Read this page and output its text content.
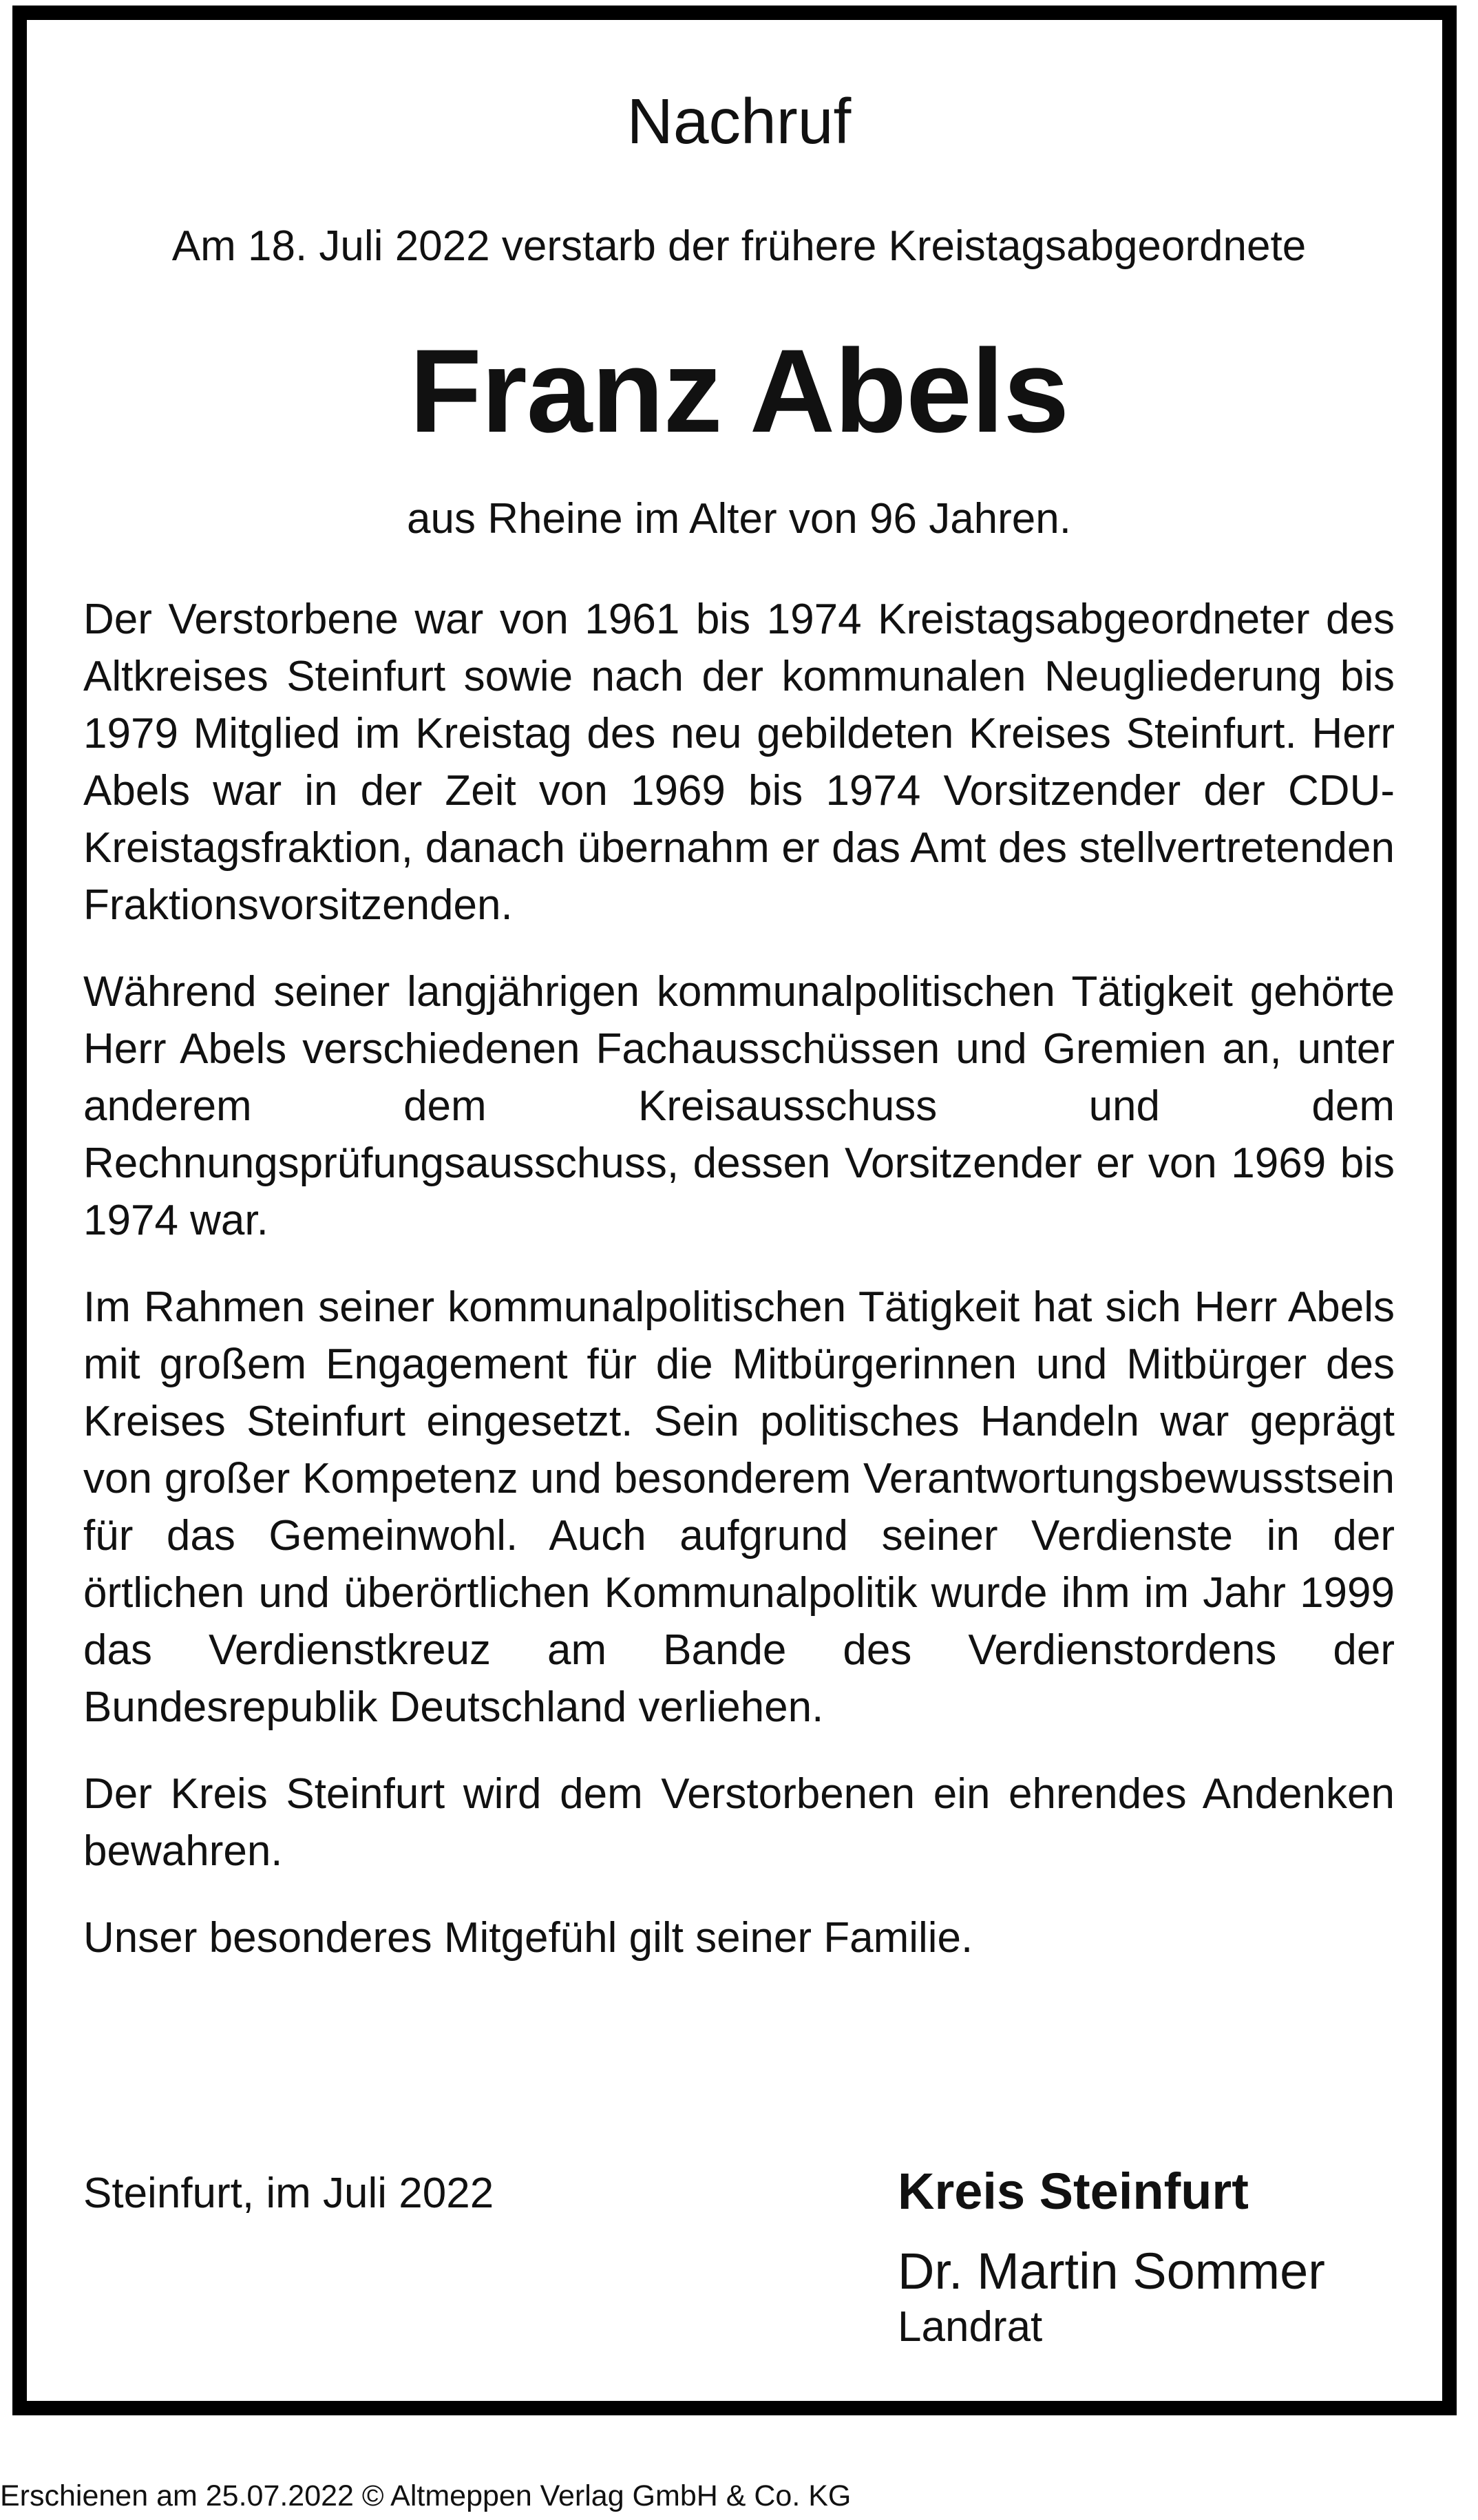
Nachruf
Am 18. Juli 2022 verstarb der frühere Kreistagsabgeordnete
Franz Abels
aus Rheine im Alter von 96 Jahren.

Der Verstorbene war von 1961 bis 1974 Kreistagsabgeordneter des Altkreises Steinfurt sowie nach der kommunalen Neugliederung bis 1979 Mitglied im Kreistag des neu gebildeten Kreises Steinfurt. Herr Abels war in der Zeit von 1969 bis 1974 Vorsitzender der CDU-Kreistagsfraktion, danach übernahm er das Amt des stellvertretenden Fraktionsvorsitzenden.

Während seiner langjährigen kommunalpolitischen Tätigkeit gehörte Herr Abels verschiedenen Fachausschüssen und Gremien an, unter anderem dem Kreisausschuss und dem Rechnungsprüfungsausschuss, dessen Vorsitzender er von 1969 bis 1974 war.

Im Rahmen seiner kommunalpolitischen Tätigkeit hat sich Herr Abels mit großem Engagement für die Mitbürgerinnen und Mitbürger des Kreises Steinfurt eingesetzt. Sein politisches Handeln war geprägt von großer Kompetenz und besonderem Verantwortungsbewusstsein für das Gemeinwohl. Auch aufgrund seiner Verdienste in der örtlichen und überörtlichen Kommunalpolitik wurde ihm im Jahr 1999 das Verdienstkreuz am Bande des Verdienstordens der Bundesrepublik Deutschland verliehen.

Der Kreis Steinfurt wird dem Verstorbenen ein ehrendes Andenken bewahren.

Unser besonderes Mitgefühl gilt seiner Familie.

Steinfurt, im Juli 2022	Kreis Steinfurt
Dr. Martin Sommer
Landrat
Erschienen am 25.07.2022 © Altmeppen Verlag GmbH & Co. KG
